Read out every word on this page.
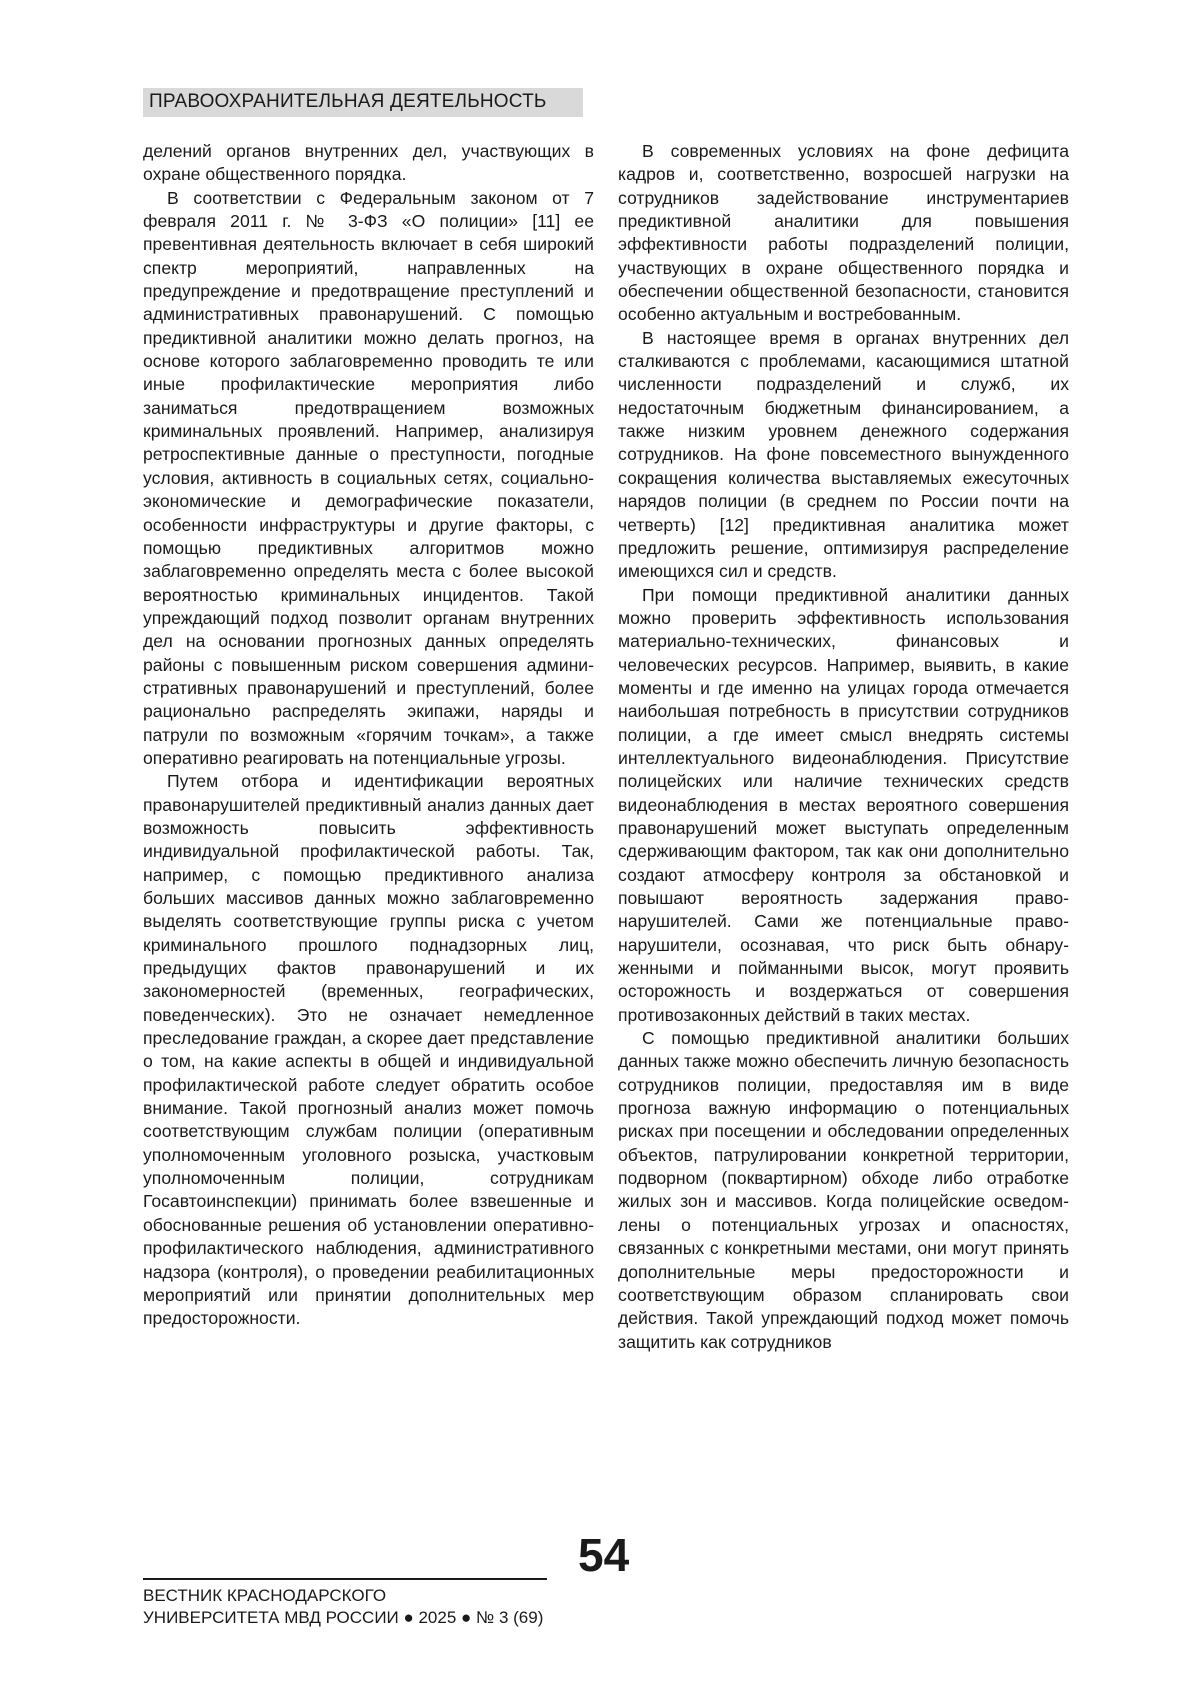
ПРАВООХРАНИТЕЛЬНАЯ ДЕЯТЕЛЬНОСТЬ

делений органов внутренних дел, участвующих в охране общественного порядка.

В соответствии с Федеральным законом от 7 февраля 2011 г. № 3-ФЗ «О полиции» [11] ее превентивная деятельность включает в себя широкий спектр мероприятий, направленных на предупреждение и предотвращение преступлений и административных правонарушений. С помощью предиктивной аналитики можно делать прогноз, на основе которого заблаговременно проводить те или иные профилактические мероприятия либо заниматься предотвращением возможных криминальных проявлений. Например, анализируя ретроспективные данные о преступности, погодные условия, активность в социальных сетях, социально-экономические и демографические показатели, особенности инфраструктуры и другие факторы, с помощью предиктивных алгоритмов можно заблаговременно определять места с более высокой вероятностью криминальных инцидентов. Такой упреждающий подход позволит органам внутренних дел на основании прогнозных данных определять районы с повышенным риском совершения административных правонарушений и преступлений, более рационально распределять экипажи, наряды и патрули по возможным «горячим точкам», а также оперативно реагировать на потенциальные угрозы.

Путем отбора и идентификации вероятных правонарушителей предиктивный анализ данных дает возможность повысить эффективность индивидуальной профилактической работы. Так, например, с помощью предиктивного анализа больших массивов данных можно заблаговременно выделять соответствующие группы риска с учетом криминального прошлого поднадзорных лиц, предыдущих фактов правонарушений и их закономерностей (временных, географических, поведенческих). Это не означает немедленное преследование граждан, а скорее дает представление о том, на какие аспекты в общей и индивидуальной профилактической работе следует обратить особое внимание. Такой прогнозный анализ может помочь соответствующим службам полиции (оперативным уполномоченным уголовного розыска, участковым уполномоченным полиции, сотрудникам Госавтоинспекции) принимать более взвешенные и обоснованные решения об установлении оперативно-профилактического наблюдения, административного надзора (контроля), о проведении реабилитационных мероприятий или принятии дополнительных мер предосторожности.

В современных условиях на фоне дефицита кадров и, соответственно, возросшей нагрузки на сотрудников задействование инструментариев предиктивной аналитики для повышения эффективности работы подразделений полиции, участвующих в охране общественного порядка и обеспечении общественной безопасности, становится особенно актуальным и востребованным.

В настоящее время в органах внутренних дел сталкиваются с проблемами, касающимися штатной численности подразделений и служб, их недостаточным бюджетным финансированием, а также низким уровнем денежного содержания сотрудников. На фоне повсеместного вынужденного сокращения количества выставляемых ежесуточных нарядов полиции (в среднем по России почти на четверть) [12] предиктивная аналитика может предложить решение, оптимизируя распределение имеющихся сил и средств.

При помощи предиктивной аналитики данных можно проверить эффективность использования материально-технических, финансовых и человеческих ресурсов. Например, выявить, в какие моменты и где именно на улицах города отмечается наибольшая потребность в присутствии сотрудников полиции, а где имеет смысл внедрять системы интеллектуального видеонаблюдения. Присутствие полицейских или наличие технических средств видеонаблюдения в местах вероятного совершения правонарушений может выступать определенным сдерживающим фактором, так как они дополнительно создают атмосферу контроля за обстановкой и повышают вероятность задержания правонарушителей. Сами же потенциальные правонарушители, осознавая, что риск быть обнаруженными и пойманными высок, могут проявить осторожность и воздержаться от совершения противозаконных действий в таких местах.

С помощью предиктивной аналитики больших данных также можно обеспечить личную безопасность сотрудников полиции, предоставляя им в виде прогноза важную информацию о потенциальных рисках при посещении и обследовании определенных объектов, патрулировании конкретной территории, подворном (поквартирном) обходе либо отработке жилых зон и массивов. Когда полицейские осведомлены о потенциальных угрозах и опасностях, связанных с конкретными местами, они могут принять дополнительные меры предосторожности и соответствующим образом спланировать свои действия. Такой упреждающий подход может помочь защитить как сотрудников

54
ВЕСТНИК КРАСНОДАРСКОГО
УНИВЕРСИТЕТА МВД РОССИИ ● 2025 ● № 3 (69)
